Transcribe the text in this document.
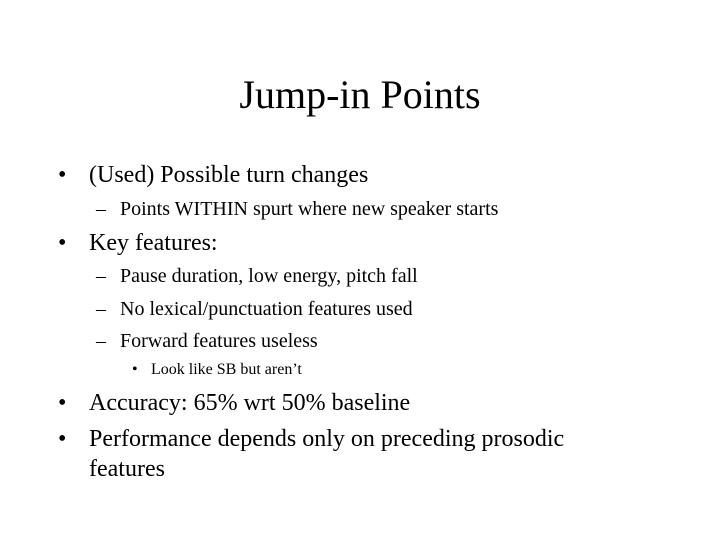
Jump-in Points
• (Used) Possible turn changes
– Points WITHIN spurt where new speaker starts
• Key features:
– Pause duration, low energy, pitch fall
– No lexical/punctuation features used
– Forward features useless
• Look like SB but aren’t
• Accuracy: 65% wrt 50% baseline
• Performance depends only on preceding prosodic
features
